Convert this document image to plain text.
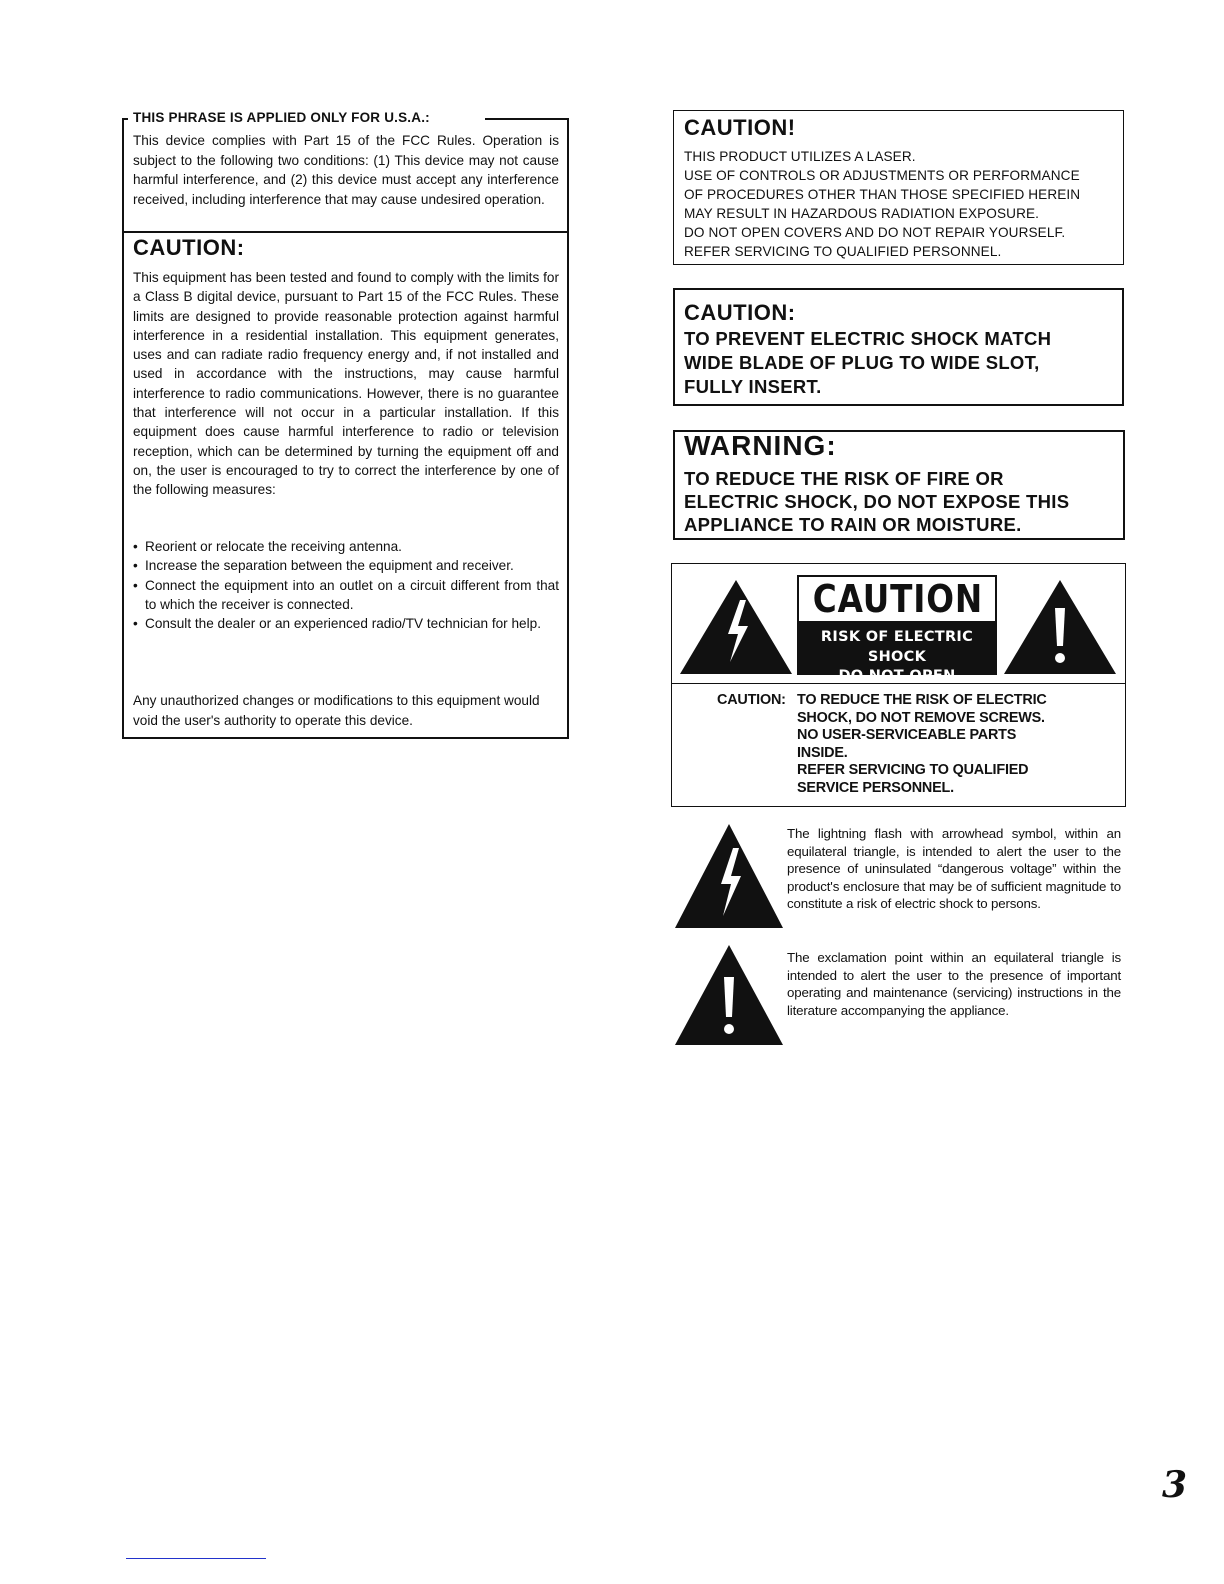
THIS PHRASE IS APPLIED ONLY FOR U.S.A.:
This device complies with Part 15 of the FCC Rules. Operation is subject to the following two conditions: (1) This device may not cause harmful interference, and (2) this device must accept any interference received, including interference that may cause undesired operation.
CAUTION:
This equipment has been tested and found to comply with the limits for a Class B digital device, pursuant to Part 15 of the FCC Rules. These limits are designed to provide reasonable protection against harmful interference in a residential installation. This equipment generates, uses and can radiate radio frequency energy and, if not installed and used in accordance with the instructions, may cause harmful interference to radio communications. However, there is no guarantee that interference will not occur in a particular installation. If this equipment does cause harmful interference to radio or television reception, which can be determined by turning the equipment off and on, the user is encouraged to try to correct the interference by one of the following measures:
• Reorient or relocate the receiving antenna.
• Increase the separation between the equipment and receiver.
• Connect the equipment into an outlet on a circuit different from that to which the receiver is connected.
• Consult the dealer or an experienced radio/TV technician for help.
Any unauthorized changes or modifications to this equipment would void the user's authority to operate this device.
CAUTION!
THIS PRODUCT UTILIZES A LASER.
USE OF CONTROLS OR ADJUSTMENTS OR PERFORMANCE
OF PROCEDURES OTHER THAN THOSE SPECIFIED HEREIN
MAY RESULT IN HAZARDOUS RADIATION EXPOSURE.
DO NOT OPEN COVERS AND DO NOT REPAIR YOURSELF.
REFER SERVICING TO QUALIFIED PERSONNEL.
CAUTION:
TO PREVENT ELECTRIC SHOCK MATCH
WIDE BLADE OF PLUG TO WIDE SLOT,
FULLY INSERT.
WARNING:
TO REDUCE THE RISK OF FIRE OR
ELECTRIC SHOCK, DO NOT EXPOSE THIS
APPLIANCE TO RAIN OR MOISTURE.
CAUTION
RISK OF ELECTRIC SHOCK
DO NOT OPEN
CAUTION: TO REDUCE THE RISK OF ELECTRIC
SHOCK, DO NOT REMOVE SCREWS.
NO USER-SERVICEABLE PARTS
INSIDE.
REFER SERVICING TO QUALIFIED
SERVICE PERSONNEL.
The lightning flash with arrowhead symbol, within an equilateral triangle, is intended to alert the user to the presence of uninsulated “dangerous voltage” within the product's enclosure that may be of sufficient magnitude to constitute a risk of electric shock to persons.
The exclamation point within an equilateral triangle is intended to alert the user to the presence of important operating and maintenance (servicing) instructions in the literature accompanying the appliance.
3
